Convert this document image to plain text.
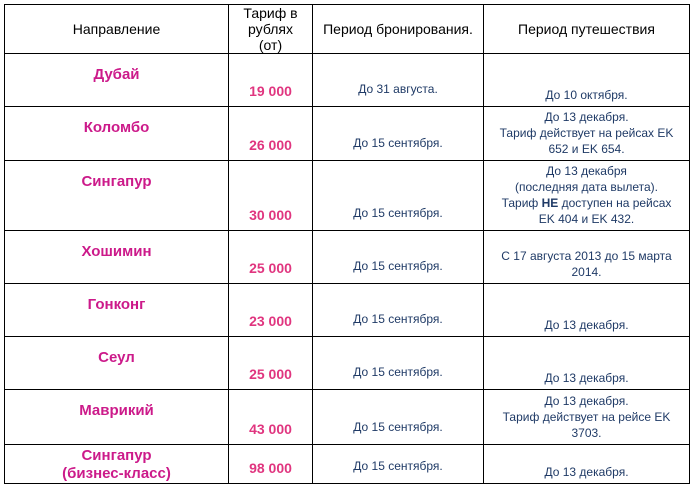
Направление	Тариф в рублях (от)	Период бронирования.	Период путешествия

Дубай	19 000	До 31 августа.	До 10 октября.

Коломбо	26 000	До 15 сентября.	До 13 декабря.
Тариф действует на рейсах EK
652 и EK 654.

Сингапур	30 000	До 15 сентября.	До 13 декабря
(последняя дата вылета).
Тариф НЕ доступен на рейсах
EK 404 и EK 432.

Хошимин	25 000	До 15 сентября.	С 17 августа 2013 до 15 марта
2014.

Гонконг	23 000	До 15 сентября.	До 13 декабря.

Сеул	25 000	До 15 сентября.	До 13 декабря.

Маврикий	43 000	До 15 сентября.	До 13 декабря.
Тариф действует на рейсе EK
3703.

Сингапур
(бизнес-класс)	98 000	До 15 сентября.	До 13 декабря.
